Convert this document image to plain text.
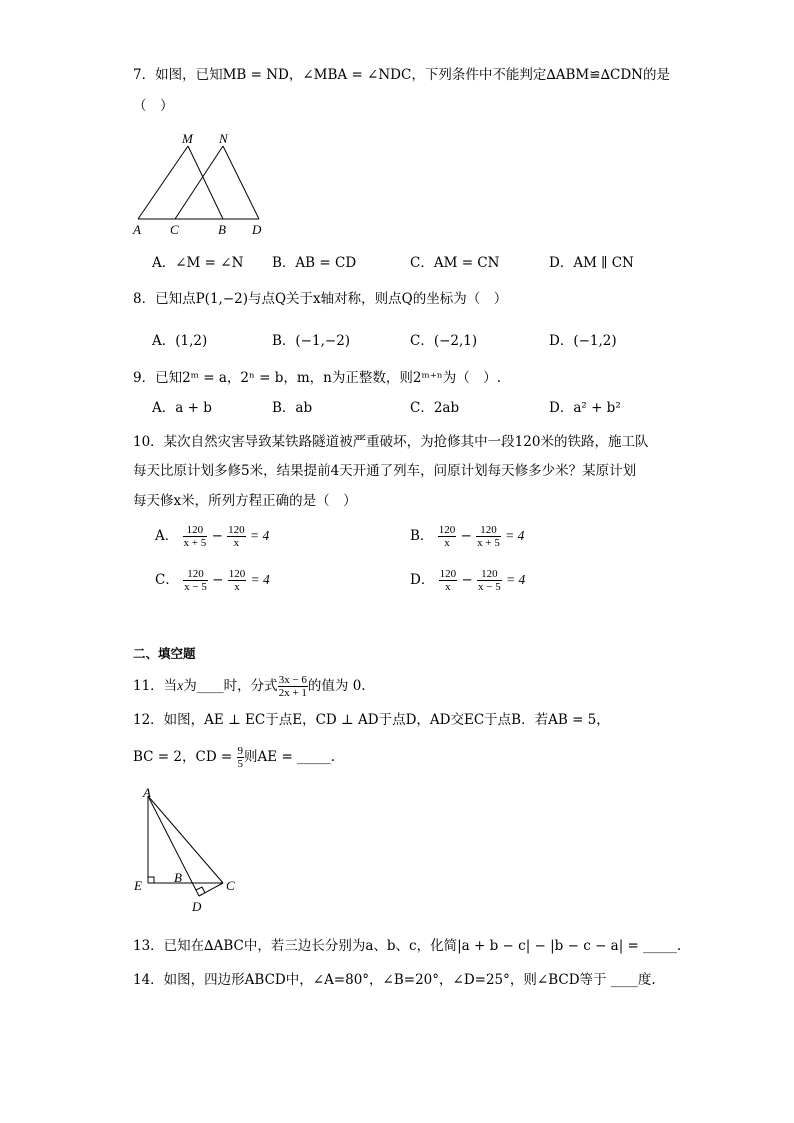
7．如图，已知MB = ND，∠MBA = ∠NDC，下列条件中不能判定∆ABM≌∆CDN的是
（　）
M N
A C	B D
A．∠M = ∠N B．AB = CD	C．AM = CN	D．AM ∥ CN
8．已知点P(1,−2)与点Q关于x轴对称，则点Q的坐标为（　）
A．(1,2)	B．(−1,−2)	C．(−2,1)	D．(−1,2)
9．已知2ᵐ = a，2ⁿ = b，m，n为正整数，则2ᵐ⁺ⁿ为（　）.
A．a + b	B．ab	C．2ab	D．a² + b²
10．某次自然灾害导致某铁路隧道被严重破坏，为抢修其中一段120米的铁路，施工队
每天比原计划多修5米，结果提前4天开通了列车，问原计划每天修多少米？某原计划
每天修x米，所列方程正确的是（　）
A． $\frac{120}{x + 5} - \frac{120}{x} = 4$	B． $\frac{120}{x} - \frac{120}{x + 5} = 4$
C． $\frac{120}{x - 5} - \frac{120}{x} = 4$	D． $\frac{120}{x} - \frac{120}{x - 5} = 4$
二、填空题
11．当x为____时，分式 $\frac{3x - 6}{2x + 1}$ 的值为 0.
12．如图，AE ⊥ EC于点E，CD ⊥ AD于点D，AD交EC于点B．若AB = 5，
BC = 2，CD = $\frac{9}{5}$ 则AE = _____.
A
E
B
C
D
13．已知在∆ABC中，若三边长分别为a、b、c，化简|a + b − c| − |b − c − a| = _____.
14．如图，四边形ABCD中，∠A=80°，∠B=20°，∠D=25°，则∠BCD等于 ____度.
